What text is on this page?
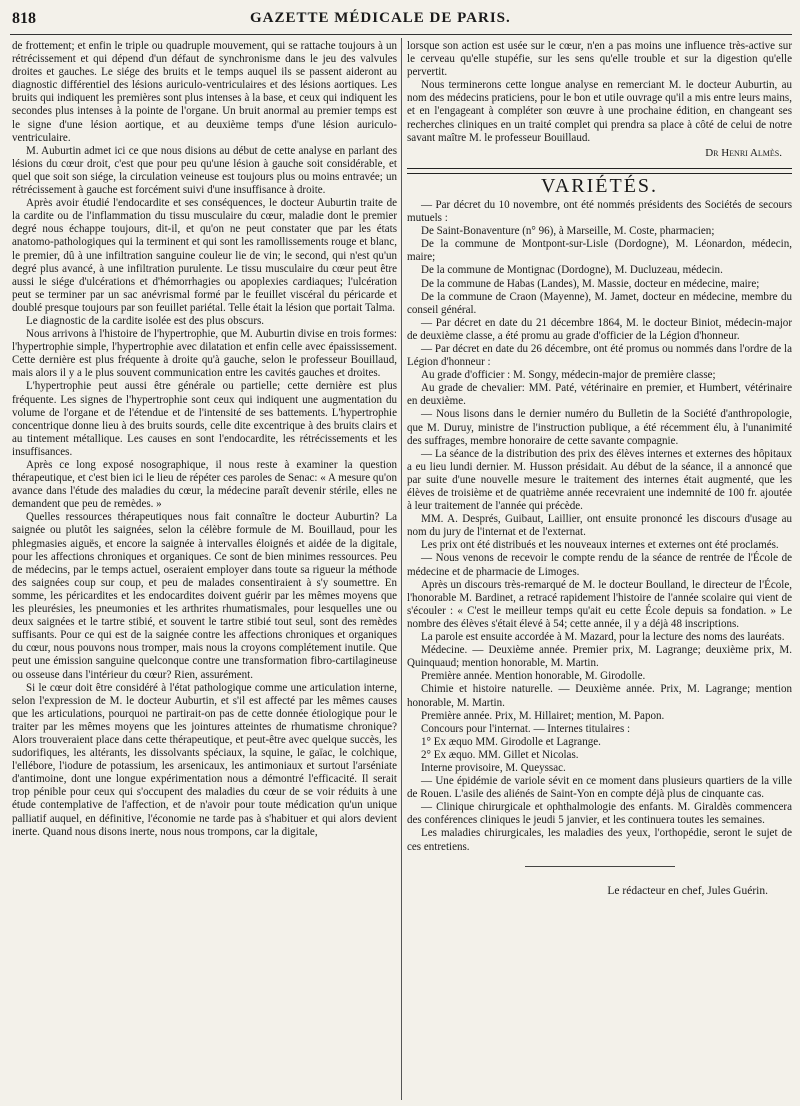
818	GAZETTE MÉDICALE DE PARIS.

de frottement; et enfin le triple ou quadruple mouvement, qui se rattache toujours à un rétrécissement et qui dépend d'un défaut de synchronisme dans le jeu des valvules droites et gauches. Le siége des bruits et le temps auquel ils se passent aideront au diagnostic différentiel des lésions auriculo-ventriculaires et des lésions aortiques. Les bruits qui indiquent les premières sont plus intenses à la base, et ceux qui indiquent les secondes plus intenses à la pointe de l'organe. Un bruit anormal au premier temps est le signe d'une lésion aortique, et au deuxième temps d'une lésion auriculo-ventriculaire.

M. Auburtin admet ici ce que nous disions au début de cette analyse en parlant des lésions du cœur droit, c'est que pour peu qu'une lésion à gauche soit considérable, et quel que soit son siége, la circulation veineuse est toujours plus ou moins entravée; un rétrécissement à gauche est forcément suivi d'une insuffisance à droite.

Après avoir étudié l'endocardite et ses conséquences, le docteur Auburtin traite de la cardite ou de l'inflammation du tissu musculaire du cœur, maladie dont le premier degré nous échappe toujours, dit-il, et qu'on ne peut constater que par les états anatomo-pathologiques qui la terminent et qui sont les ramollissements rouge et blanc, le premier, dû à une infiltration sanguine couleur lie de vin; le second, qui n'est qu'un degré plus avancé, à une infiltration purulente. Le tissu musculaire du cœur peut être aussi le siége d'ulcérations et d'hémorrhagies ou apoplexies cardiaques; l'ulcération peut se terminer par un sac anévrismal formé par le feuillet viscéral du péricarde et doublé presque toujours par son feuillet pariétal. Telle était la lésion que portait Talma.

Le diagnostic de la cardite isolée est des plus obscurs.

Nous arrivons à l'histoire de l'hypertrophie, que M. Auburtin divise en trois formes: l'hypertrophie simple, l'hypertrophie avec dilatation et enfin celle avec épaississement. Cette dernière est plus fréquente à droite qu'à gauche, selon le professeur Bouillaud, mais alors il y a le plus souvent communication entre les cavités gauches et droites.

L'hypertrophie peut aussi être générale ou partielle; cette dernière est plus fréquente. Les signes de l'hypertrophie sont ceux qui indiquent une augmentation du volume de l'organe et de l'étendue et de l'intensité de ses battements. L'hypertrophie concentrique donne lieu à des bruits sourds, celle dite excentrique à des bruits clairs et au tintement métallique. Les causes en sont l'endocardite, les rétrécissements et les insuffisances.

Après ce long exposé nosographique, il nous reste à examiner la question thérapeutique, et c'est bien ici le lieu de répéter ces paroles de Senac: « A mesure qu'on avance dans l'étude des maladies du cœur, la médecine paraît devenir stérile, elles ne demandent que peu de remèdes. »

Quelles ressources thérapeutiques nous fait connaître le docteur Auburtin? La saignée ou plutôt les saignées, selon la célèbre formule de M. Bouillaud, pour les phlegmasies aiguës, et encore la saignée à intervalles éloignés et aidée de la digitale, pour les affections chroniques et organiques. Ce sont de bien minimes ressources. Peu de médecins, par le temps actuel, oseraient employer dans toute sa rigueur la méthode des saignées coup sur coup, et peu de malades consentiraient à s'y soumettre. En somme, les péricardites et les endocardites doivent guérir par les mêmes moyens que les pleurésies, les pneumonies et les arthrites rhumatismales, pour lesquelles une ou deux saignées et le tartre stibié, et souvent le tartre stibié tout seul, sont des remèdes suffisants. Pour ce qui est de la saignée contre les affections chroniques et organiques du cœur, nous pouvons nous tromper, mais nous la croyons complétement inutile. Que peut une émission sanguine quelconque contre une transformation fibro-cartilagineuse ou osseuse dans l'intérieur du cœur? Rien, assurément.

Si le cœur doit être considéré à l'état pathologique comme une articulation interne, selon l'expression de M. le docteur Auburtin, et s'il est affecté par les mêmes causes que les articulations, pourquoi ne partirait-on pas de cette donnée étiologique pour le traiter par les mêmes moyens que les jointures atteintes de rhumatisme chronique? Alors trouveraient place dans cette thérapeutique, et peut-être avec quelque succès, les sudorifiques, les altérants, les dissolvants spéciaux, la squine, le gaïac, le colchique, l'ellébore, l'iodure de potassium, les arsenicaux, les antimoniaux et surtout l'arséniate d'antimoine, dont une longue expérimentation nous a démontré l'efficacité. Il serait trop pénible pour ceux qui s'occupent des maladies du cœur de se voir réduits à une étude contemplative de l'affection, et de n'avoir pour toute médication qu'un unique palliatif auquel, en définitive, l'économie ne tarde pas à s'habituer et qui alors devient inerte. Quand nous disons inerte, nous nous trompons, car la digitale,

lorsque son action est usée sur le cœur, n'en a pas moins une influence très-active sur le cerveau qu'elle stupéfie, sur les sens qu'elle trouble et sur la digestion qu'elle pervertit.

Nous terminerons cette longue analyse en remerciant M. le docteur Auburtin, au nom des médecins praticiens, pour le bon et utile ouvrage qu'il a mis entre leurs mains, et en l'engageant à compléter son œuvre à une prochaine édition, en changeant ses recherches cliniques en un traité complet qui prendra sa place à côté de celui de notre savant maître M. le professeur Bouillaud.

Dr Henri Almès.
VARIÉTÉS.

— Par décret du 10 novembre, ont été nommés présidents des Sociétés de secours mutuels :

De Saint-Bonaventure (n° 96), à Marseille, M. Coste, pharmacien;

De la commune de Montpont-sur-Lisle (Dordogne), M. Léonardon, médecin, maire;

De la commune de Montignac (Dordogne), M. Ducluzeau, médecin.

De la commune de Habas (Landes), M. Massie, docteur en médecine, maire;

De la commune de Craon (Mayenne), M. Jamet, docteur en médecine, membre du conseil général.

— Par décret en date du 21 décembre 1864, M. le docteur Biniot, médecin-major de deuxième classe, a été promu au grade d'officier de la Légion d'honneur.

— Par décret en date du 26 décembre, ont été promus ou nommés dans l'ordre de la Légion d'honneur :

Au grade d'officier : M. Songy, médecin-major de première classe;

Au grade de chevalier: MM. Paté, vétérinaire en premier, et Humbert, vétérinaire en deuxième.

— Nous lisons dans le dernier numéro du Bulletin de la Société d'anthropologie, que M. Duruy, ministre de l'instruction publique, a été récemment élu, à l'unanimité des suffrages, membre honoraire de cette savante compagnie.

— La séance de la distribution des prix des élèves internes et externes des hôpitaux a eu lieu lundi dernier. M. Husson présidait. Au début de la séance, il a annoncé que par suite d'une nouvelle mesure le traitement des internes était augmenté, que les élèves de troisième et de quatrième année recevraient une indemnité de 100 fr. ajoutée à leur traitement de l'année qui précède.

MM. A. Després, Guibaut, Laillier, ont ensuite prononcé les discours d'usage au nom du jury de l'internat et de l'externat.

Les prix ont été distribués et les nouveaux internes et externes ont été proclamés.

— Nous venons de recevoir le compte rendu de la séance de rentrée de l'École de médecine et de pharmacie de Limoges.

Après un discours très-remarqué de M. le docteur Boulland, le directeur de l'École, l'honorable M. Bardinet, a retracé rapidement l'histoire de l'année scolaire qui vient de s'écouler : « C'est le meilleur temps qu'ait eu cette École depuis sa fondation. » Le nombre des élèves s'était élevé à 54; cette année, il y a déjà 48 inscriptions.

La parole est ensuite accordée à M. Mazard, pour la lecture des noms des lauréats.

Médecine. — Deuxième année. Premier prix, M. Lagrange; deuxième prix, M. Quinquaud; mention honorable, M. Martin.

Première année. Mention honorable, M. Girodolle.

Chimie et histoire naturelle. — Deuxième année. Prix, M. Lagrange; mention honorable, M. Martin.

Première année. Prix, M. Hillairet; mention, M. Papon.

Concours pour l'internat. — Internes titulaires :

1° Ex æquo MM. Girodolle et Lagrange.

2° Ex æquo. MM. Gillet et Nicolas.

Interne provisoire, M. Queyssac.

— Une épidémie de variole sévit en ce moment dans plusieurs quartiers de la ville de Rouen. L'asile des aliénés de Saint-Yon en compte déjà plus de cinquante cas.

— Clinique chirurgicale et ophthalmologie des enfants. M. Giraldès commencera des conférences cliniques le jeudi 5 janvier, et les continuera toutes les semaines.

Les maladies chirurgicales, les maladies des yeux, l'orthopédie, seront le sujet de ces entretiens.

Le rédacteur en chef, Jules Guérin.
